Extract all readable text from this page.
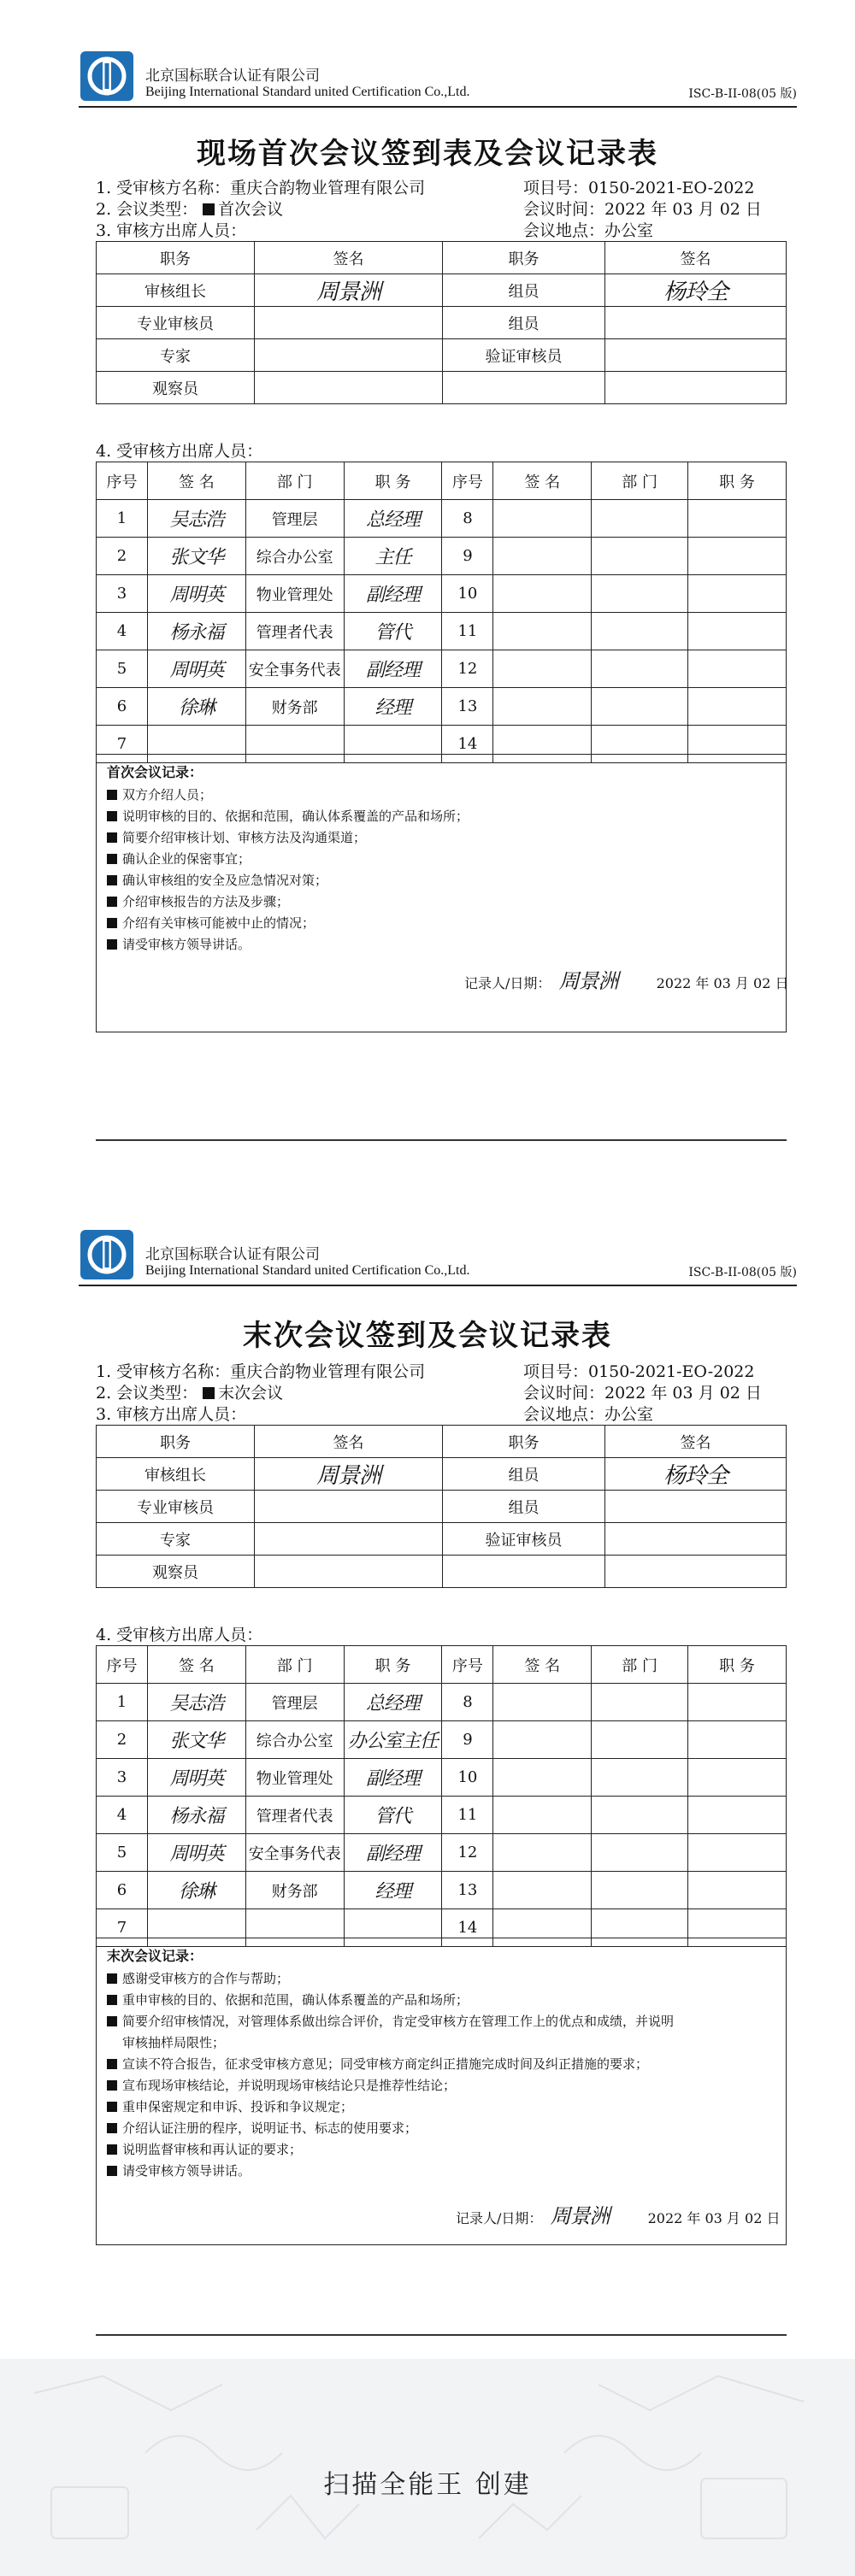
北京国标联合认证有限公司
Beijing International Standard united Certification Co.,Ltd.	ISC-B-II-08(05 版)
现场首次会议签到表及会议记录表
1. 受审核方名称：重庆合韵物业管理有限公司	项目号：0150-2021-EO-2022
2. 会议类型： 首次会议	会议时间：2022 年 03 月 02 日
3. 审核方出席人员：	会议地点：办公室
职务	签名	职务	签名
审核组长	周景洲	组员	杨玲全
专业审核员		组员	
专家		验证审核员	
观察员			
4. 受审核方出席人员：
序号	签 名	部 门	职 务	序号	签 名	部 门	职 务
1	吴志浩	管理层	总经理	8			
2	张文华	综合办公室	主任	9			
3	周明英	物业管理处	副经理	10			
4	杨永福	管理者代表	管代	11			
5	周明英	安全事务代表	副经理	12			
6	徐琳	财务部	经理	13			
7				14			
首次会议记录：
双方介绍人员；
说明审核的目的、依据和范围，确认体系覆盖的产品和场所；
简要介绍审核计划、审核方法及沟通渠道；
确认企业的保密事宜；
确认审核组的安全及应急情况对策；
介绍审核报告的方法及步骤；
介绍有关审核可能被中止的情况；
请受审核方领导讲话。
记录人/日期： 周景洲	2022 年 03 月 02 日
北京国标联合认证有限公司
Beijing International Standard united Certification Co.,Ltd.	ISC-B-II-08(05 版)
末次会议签到及会议记录表
1. 受审核方名称：重庆合韵物业管理有限公司	项目号：0150-2021-EO-2022
2. 会议类型： 末次会议	会议时间：2022 年 03 月 02 日
3. 审核方出席人员：	会议地点：办公室
职务	签名	职务	签名
审核组长	周景洲	组员	杨玲全
专业审核员		组员	
专家		验证审核员	
观察员			
4. 受审核方出席人员：
序号	签 名	部 门	职 务	序号	签 名	部 门	职 务
1	吴志浩	管理层	总经理	8			
2	张文华	综合办公室	办公室主任	9			
3	周明英	物业管理处	副经理	10			
4	杨永福	管理者代表	管代	11			
5	周明英	安全事务代表	副经理	12			
6	徐琳	财务部	经理	13			
7				14			
末次会议记录：
感谢受审核方的合作与帮助；
重申审核的目的、依据和范围，确认体系覆盖的产品和场所；
简要介绍审核情况，对管理体系做出综合评价，肯定受审核方在管理工作上的优点和成绩，并说明
审核抽样局限性；
宣读不符合报告，征求受审核方意见；同受审核方商定纠正措施完成时间及纠正措施的要求；
宣布现场审核结论，并说明现场审核结论只是推荐性结论；
重申保密规定和申诉、投诉和争议规定；
介绍认证注册的程序，说明证书、标志的使用要求；
说明监督审核和再认证的要求；
请受审核方领导讲话。
记录人/日期： 周景洲	2022 年 03 月 02 日
扫描全能王 创建
